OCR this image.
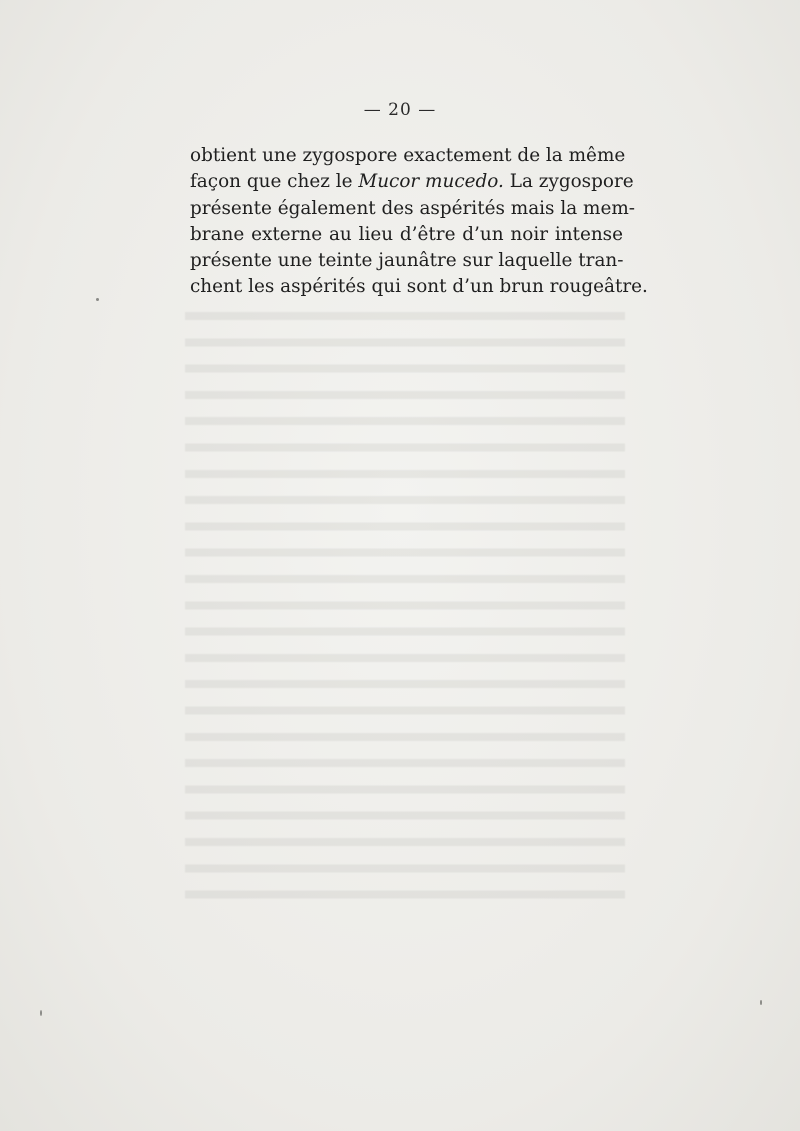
— 20 —
obtient une zygospore exactement de la même
façon que chez le Mucor mucedo. La zygospore
présente également des aspérités mais la mem-
brane externe au lieu d’être d’un noir intense
présente une teinte jaunâtre sur laquelle tran-
chent les aspérités qui sont d’un brun rougeâtre.
